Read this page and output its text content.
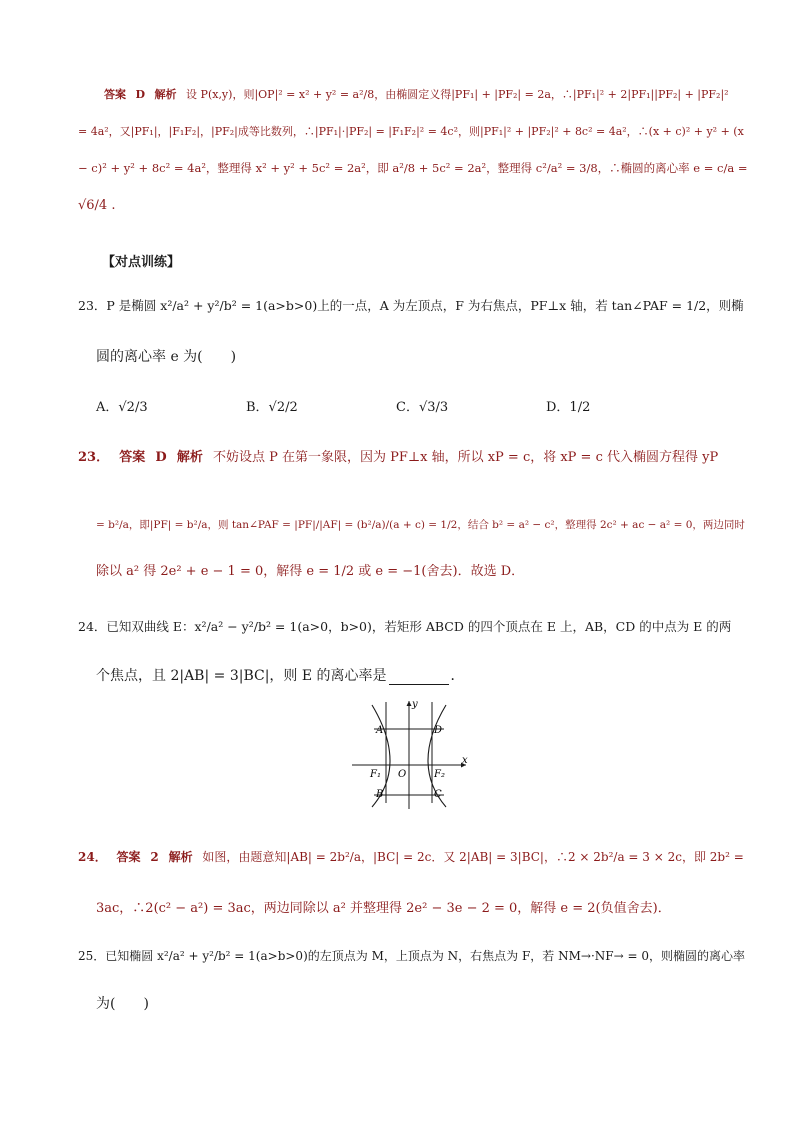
答案 D 解析 设 P(x,y)，则|OP|² = x² + y² = a²/8，由椭圆定义得|PF₁| + |PF₂| = 2a，∴|PF₁|² + 2|PF₁||PF₂| + |PF₂|²
= 4a²，又|PF₁|，|F₁F₂|，|PF₂|成等比数列，∴|PF₁|·|PF₂| = |F₁F₂|² = 4c²，则|PF₁|² + |PF₂|² + 8c² = 4a²，∴(x + c)² + y² + (x
− c)² + y² + 8c² = 4a²，整理得 x² + y² + 5c² = 2a²，即 a²/8 + 5c² = 2a²，整理得 c²/a² = 3/8，∴椭圆的离心率 e = c/a =
√6/4 .
【对点训练】
23．P 是椭圆 x²/a² + y²/b² = 1(a>b>0)上的一点，A 为左顶点，F 为右焦点，PF⊥x 轴，若 tan∠PAF = 1/2，则椭
圆的离心率 e 为(　　)
A．√2/3	B．√2/2	C．√3/3	D．1/2
23． 答案 D 解析 不妨设点 P 在第一象限，因为 PF⊥x 轴，所以 xP = c，将 xP = c 代入椭圆方程得 yP
= b²/a，即|PF| = b²/a，则 tan∠PAF = |PF|/|AF| = (b²/a)/(a + c) = 1/2，结合 b² = a² − c²，整理得 2c² + ac − a² = 0，两边同时
除以 a² 得 2e² + e − 1 = 0，解得 e = 1/2 或 e = −1(舍去)．故选 D．
24．已知双曲线 E：x²/a² − y²/b² = 1(a>0，b>0)，若矩形 ABCD 的四个顶点在 E 上，AB，CD 的中点为 E 的两
个焦点，且 2|AB| = 3|BC|，则 E 的离心率是	．
A	D
B	C
O
F₁	F₂
x
y
24． 答案 2 解析 如图，由题意知|AB| = 2b²/a，|BC| = 2c．又 2|AB| = 3|BC|，∴2 × 2b²/a = 3 × 2c，即 2b² =
3ac，∴2(c² − a²) = 3ac，两边同除以 a² 并整理得 2e² − 3e − 2 = 0，解得 e = 2(负值舍去)．
25．已知椭圆 x²/a² + y²/b² = 1(a>b>0)的左顶点为 M，上顶点为 N，右焦点为 F，若 NM→·NF→ = 0，则椭圆的离心率
为(　　)
